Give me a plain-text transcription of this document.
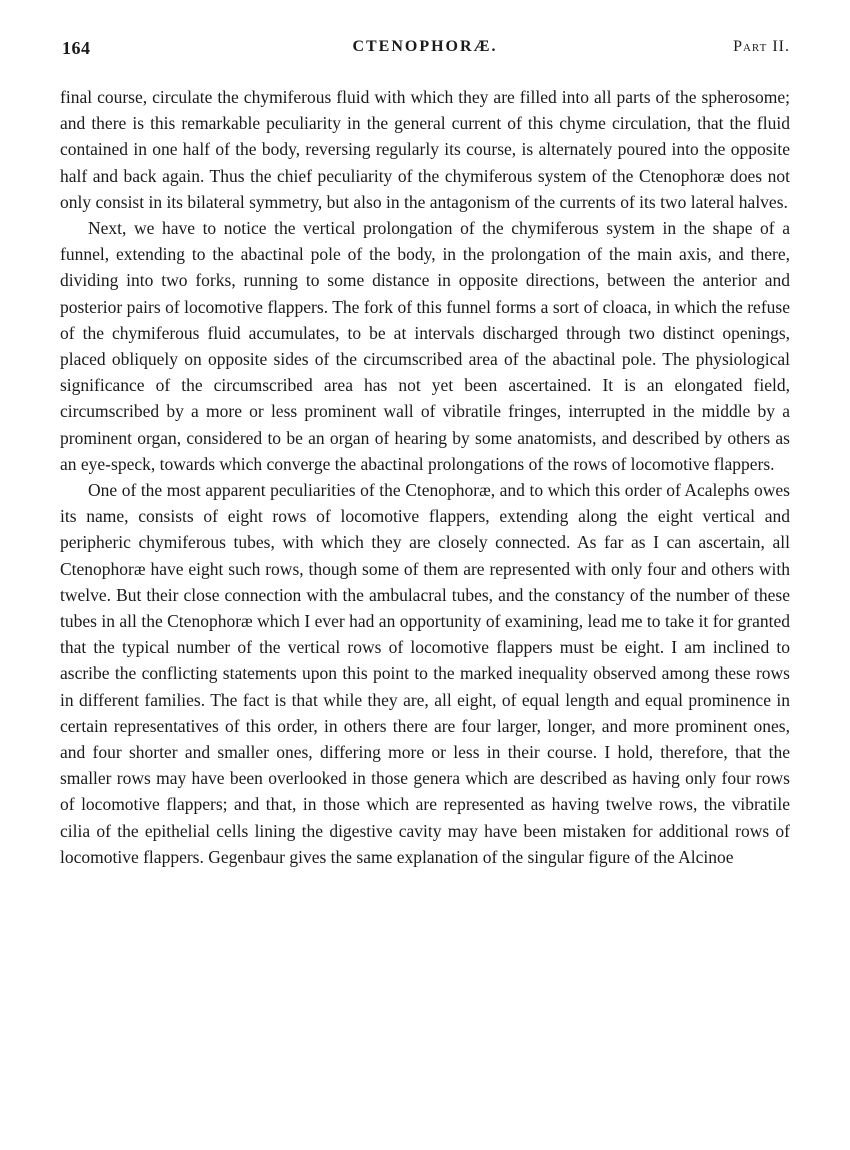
164	CTENOPHORÆ.	Part II.

final course, circulate the chymiferous fluid with which they are filled into all parts of the spherosome; and there is this remarkable peculiarity in the general current of this chyme circulation, that the fluid contained in one half of the body, reversing regularly its course, is alternately poured into the opposite half and back again. Thus the chief peculiarity of the chymiferous system of the Ctenophoræ does not only consist in its bilateral symmetry, but also in the antagonism of the currents of its two lateral halves.

Next, we have to notice the vertical prolongation of the chymiferous system in the shape of a funnel, extending to the abactinal pole of the body, in the prolongation of the main axis, and there, dividing into two forks, running to some distance in opposite directions, between the anterior and posterior pairs of locomotive flappers. The fork of this funnel forms a sort of cloaca, in which the refuse of the chymiferous fluid accumulates, to be at intervals discharged through two distinct openings, placed obliquely on opposite sides of the circumscribed area of the abactinal pole. The physiological significance of the circumscribed area has not yet been ascertained. It is an elongated field, circumscribed by a more or less prominent wall of vibratile fringes, interrupted in the middle by a prominent organ, considered to be an organ of hearing by some anatomists, and described by others as an eye-speck, towards which converge the abactinal prolongations of the rows of locomotive flappers.

One of the most apparent peculiarities of the Ctenophoræ, and to which this order of Acalephs owes its name, consists of eight rows of locomotive flappers, extending along the eight vertical and peripheric chymiferous tubes, with which they are closely connected. As far as I can ascertain, all Ctenophoræ have eight such rows, though some of them are represented with only four and others with twelve. But their close connection with the ambulacral tubes, and the constancy of the number of these tubes in all the Ctenophoræ which I ever had an opportunity of examining, lead me to take it for granted that the typical number of the vertical rows of locomotive flappers must be eight. I am inclined to ascribe the conflicting statements upon this point to the marked inequality observed among these rows in different families. The fact is that while they are, all eight, of equal length and equal prominence in certain representatives of this order, in others there are four larger, longer, and more prominent ones, and four shorter and smaller ones, differing more or less in their course. I hold, therefore, that the smaller rows may have been overlooked in those genera which are described as having only four rows of locomotive flappers; and that, in those which are represented as having twelve rows, the vibratile cilia of the epithelial cells lining the digestive cavity may have been mistaken for additional rows of locomotive flappers. Gegenbaur gives the same explanation of the singular figure of the Alcinoe
